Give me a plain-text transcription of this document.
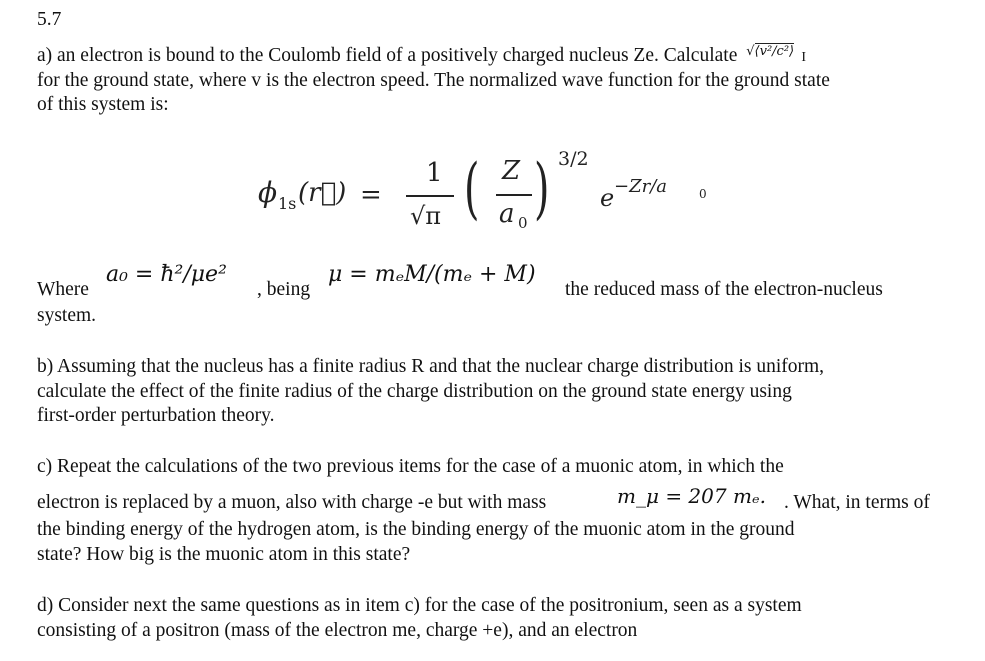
5.7
a) an electron is bound to the Coulomb field of a positively charged nucleus Ze. Calculate $^{√⟨v^2/c^2⟩}$ I
for the ground state, where v is the electron speed. The normalized wave function for the ground state
of this system is:
ϕ 1s (r⃗) =
1
√π ( Z
a 0 ) 3/2
e −Zr/a	0
Where
a₀ = ħ²/μe²
, being
μ = mₑM/(mₑ + M)
the reduced mass of the electron-nucleus
system.
b) Assuming that the nucleus has a finite radius R and that the nuclear charge distribution is uniform,
calculate the effect of the finite radius of the charge distribution on the ground state energy using
first-order perturbation theory.
c) Repeat the calculations of the two previous items for the case of a muonic atom, in which the
electron is replaced by a muon, also with charge -e but with mass	m_μ = 207 mₑ. . What, in terms of
the binding energy of the hydrogen atom, is the binding energy of the muonic atom in the ground
state? How big is the muonic atom in this state?
d) Consider next the same questions as in item c) for the case of the positronium, seen as a system
consisting of a positron (mass of the electron me, charge +e), and an electron
